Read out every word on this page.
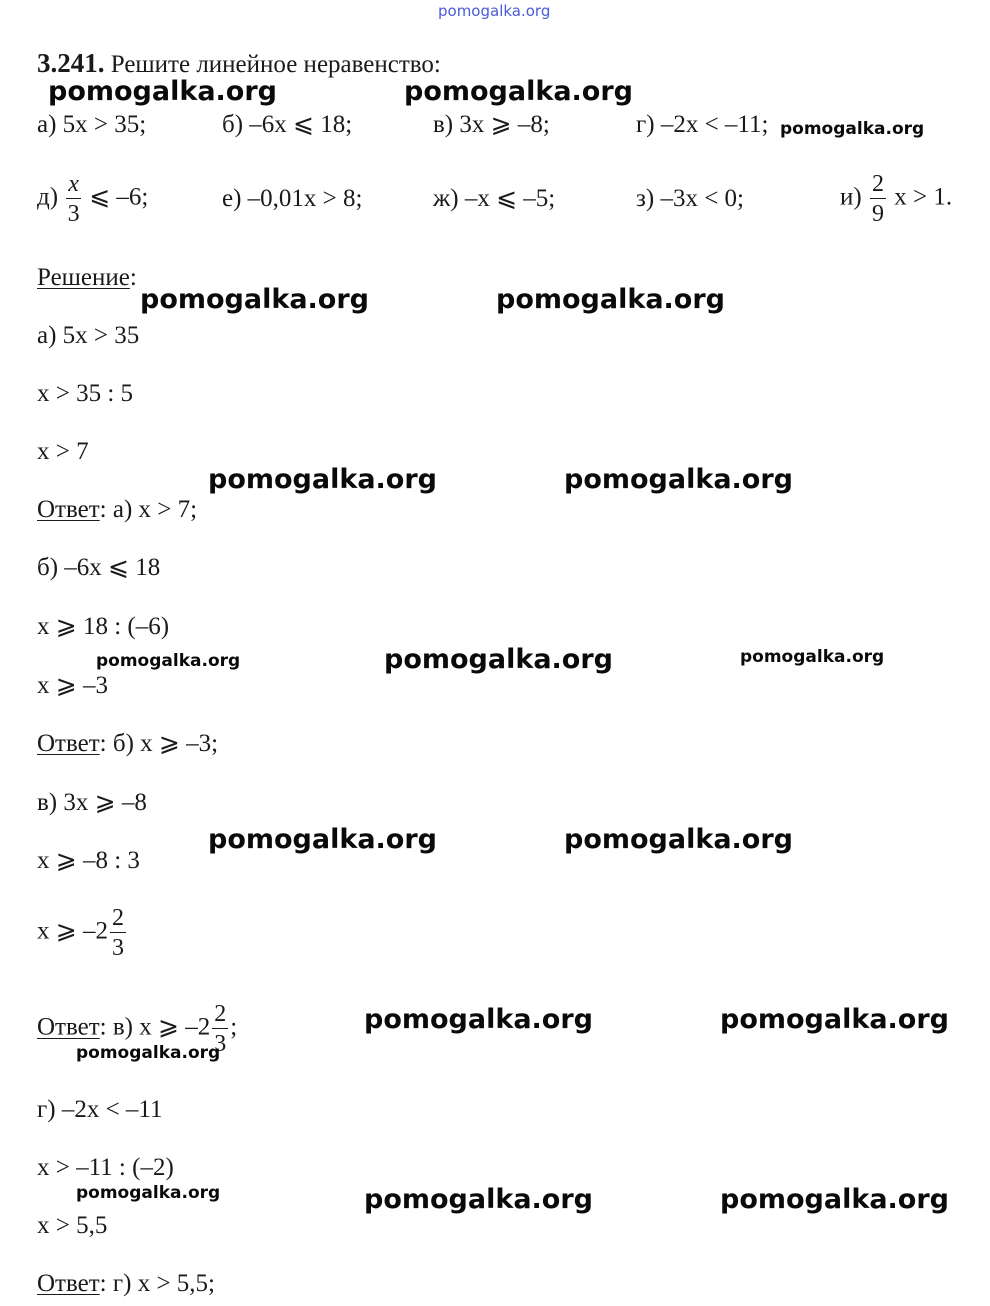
pomogalka.org
3.241. Решите линейное неравенство:
а) 5x > 35;	б) –6x ⩽ 18;	в) 3x ⩾ –8;	г) –2x < –11;
$д) \frac{x}{3}$ ⩽ –6;	е) –0,01x > 8;	ж) –x ⩽ –5;	з) –3x < 0;	$и) \frac{2}{9}$ x > 1.
Решение:
а) 5x > 35
x > 35 : 5
x > 7
Ответ: а) x > 7;
б) –6x ⩽ 18
x ⩾ 18 : (–6)
x ⩾ –3
Ответ: б) x ⩾ –3;
в) 3x ⩾ –8
x ⩾ –8 : 3
x ⩾ $-2 \frac{2}{3}$
Ответ: в) x ⩾ $-2 \frac{2}{3}$ ;
г) –2x < –11
x > –11 : (–2)
x > 5,5
Ответ: г) x > 5,5;
pomogalka.org	pomogalka.org
pomogalka.org
pomogalka.org	pomogalka.org
pomogalka.org	pomogalka.org
pomogalka.org	pomogalka.org	pomogalka.org
pomogalka.org	pomogalka.org
pomogalka.org	pomogalka.org
pomogalka.org
pomogalka.org	pomogalka.org	pomogalka.org
